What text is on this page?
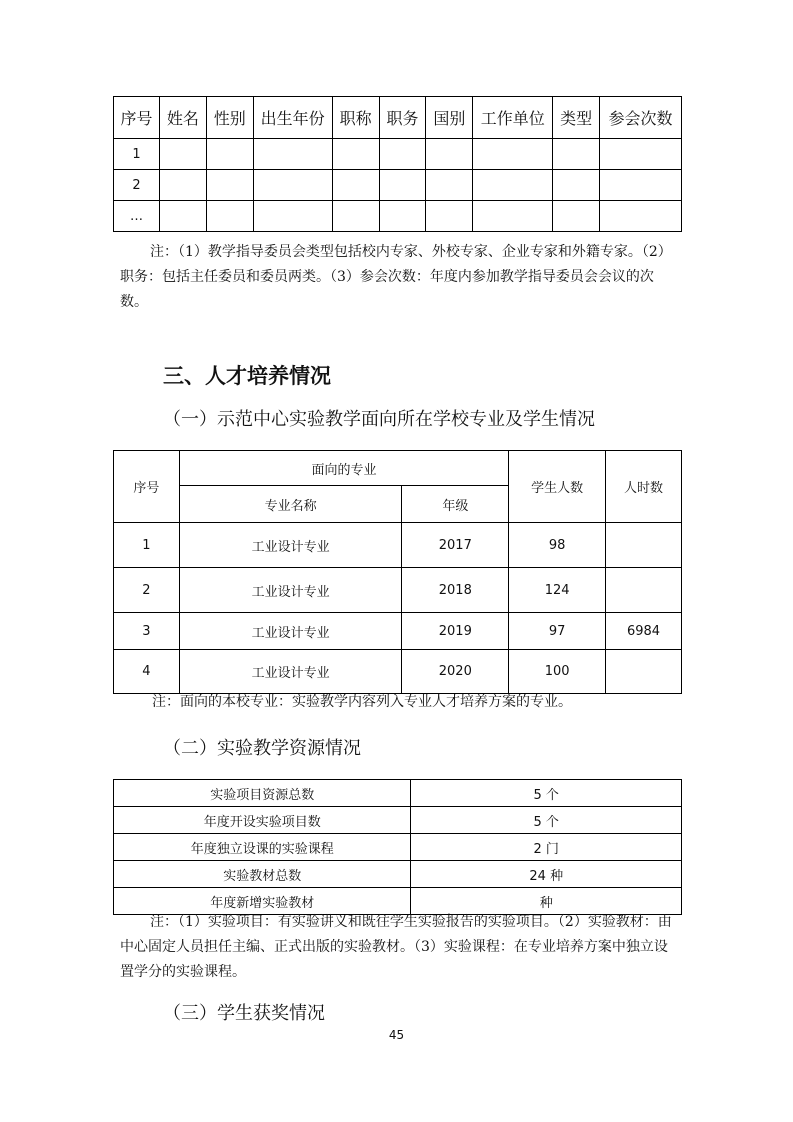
序号	姓名	性别	出生年份	职称	职务	国别	工作单位	类型	参会次数
1									
2									
…									

注：（1）教学指导委员会类型包括校内专家、外校专家、企业专家和外籍专家。（2）职务：包括主任委员和委员两类。（3）参会次数：年度内参加教学指导委员会会议的次数。

三、人才培养情况
（一）示范中心实验教学面向所在学校专业及学生情况
序号	面向的专业		学生人数	人时数
	专业名称	年级		
1	工业设计专业	2017	98	
2	工业设计专业	2018	124	
3	工业设计专业	2019	97	6984
4	工业设计专业	2020	100	

注：面向的本校专业：实验教学内容列入专业人才培养方案的专业。

（二）实验教学资源情况
实验项目资源总数	5 个
年度开设实验项目数	5 个
年度独立设课的实验课程	2 门
实验教材总数	24 种
年度新增实验教材	种

注：（1）实验项目：有实验讲义和既往学生实验报告的实验项目。（2）实验教材：由中心固定人员担任主编、正式出版的实验教材。（3）实验课程：在专业培养方案中独立设置学分的实验课程。

（三）学生获奖情况
45
